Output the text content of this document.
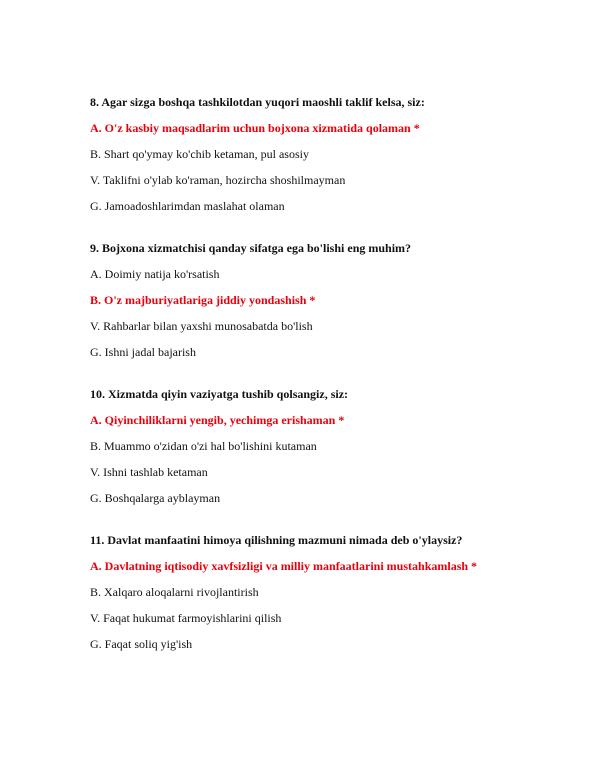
8. Agar sizga boshqa tashkilotdan yuqori maoshli taklif kelsa, siz:
A. O'z kasbiy maqsadlarim uchun bojxona xizmatida qolaman *
B. Shart qo'ymay ko'chib ketaman, pul asosiy
V. Taklifni o'ylab ko'raman, hozircha shoshilmayman
G. Jamoadoshlarimdan maslahat olaman
9. Bojxona xizmatchisi qanday sifatga ega bo'lishi eng muhim?
A. Doimiy natija ko'rsatish
B. O'z majburiyatlariga jiddiy yondashish *
V. Rahbarlar bilan yaxshi munosabatda bo'lish
G. Ishni jadal bajarish
10. Xizmatda qiyin vaziyatga tushib qolsangiz, siz:
A. Qiyinchiliklarni yengib, yechimga erishaman *
B. Muammo o'zidan o'zi hal bo'lishini kutaman
V. Ishni tashlab ketaman
G. Boshqalarga ayblayman
11. Davlat manfaatini himoya qilishning mazmuni nimada deb o'ylaysiz?
A. Davlatning iqtisodiy xavfsizligi va milliy manfaatlarini mustahkamlash *
B. Xalqaro aloqalarni rivojlantirish
V. Faqat hukumat farmoyishlarini qilish
G. Faqat soliq yig'ish
